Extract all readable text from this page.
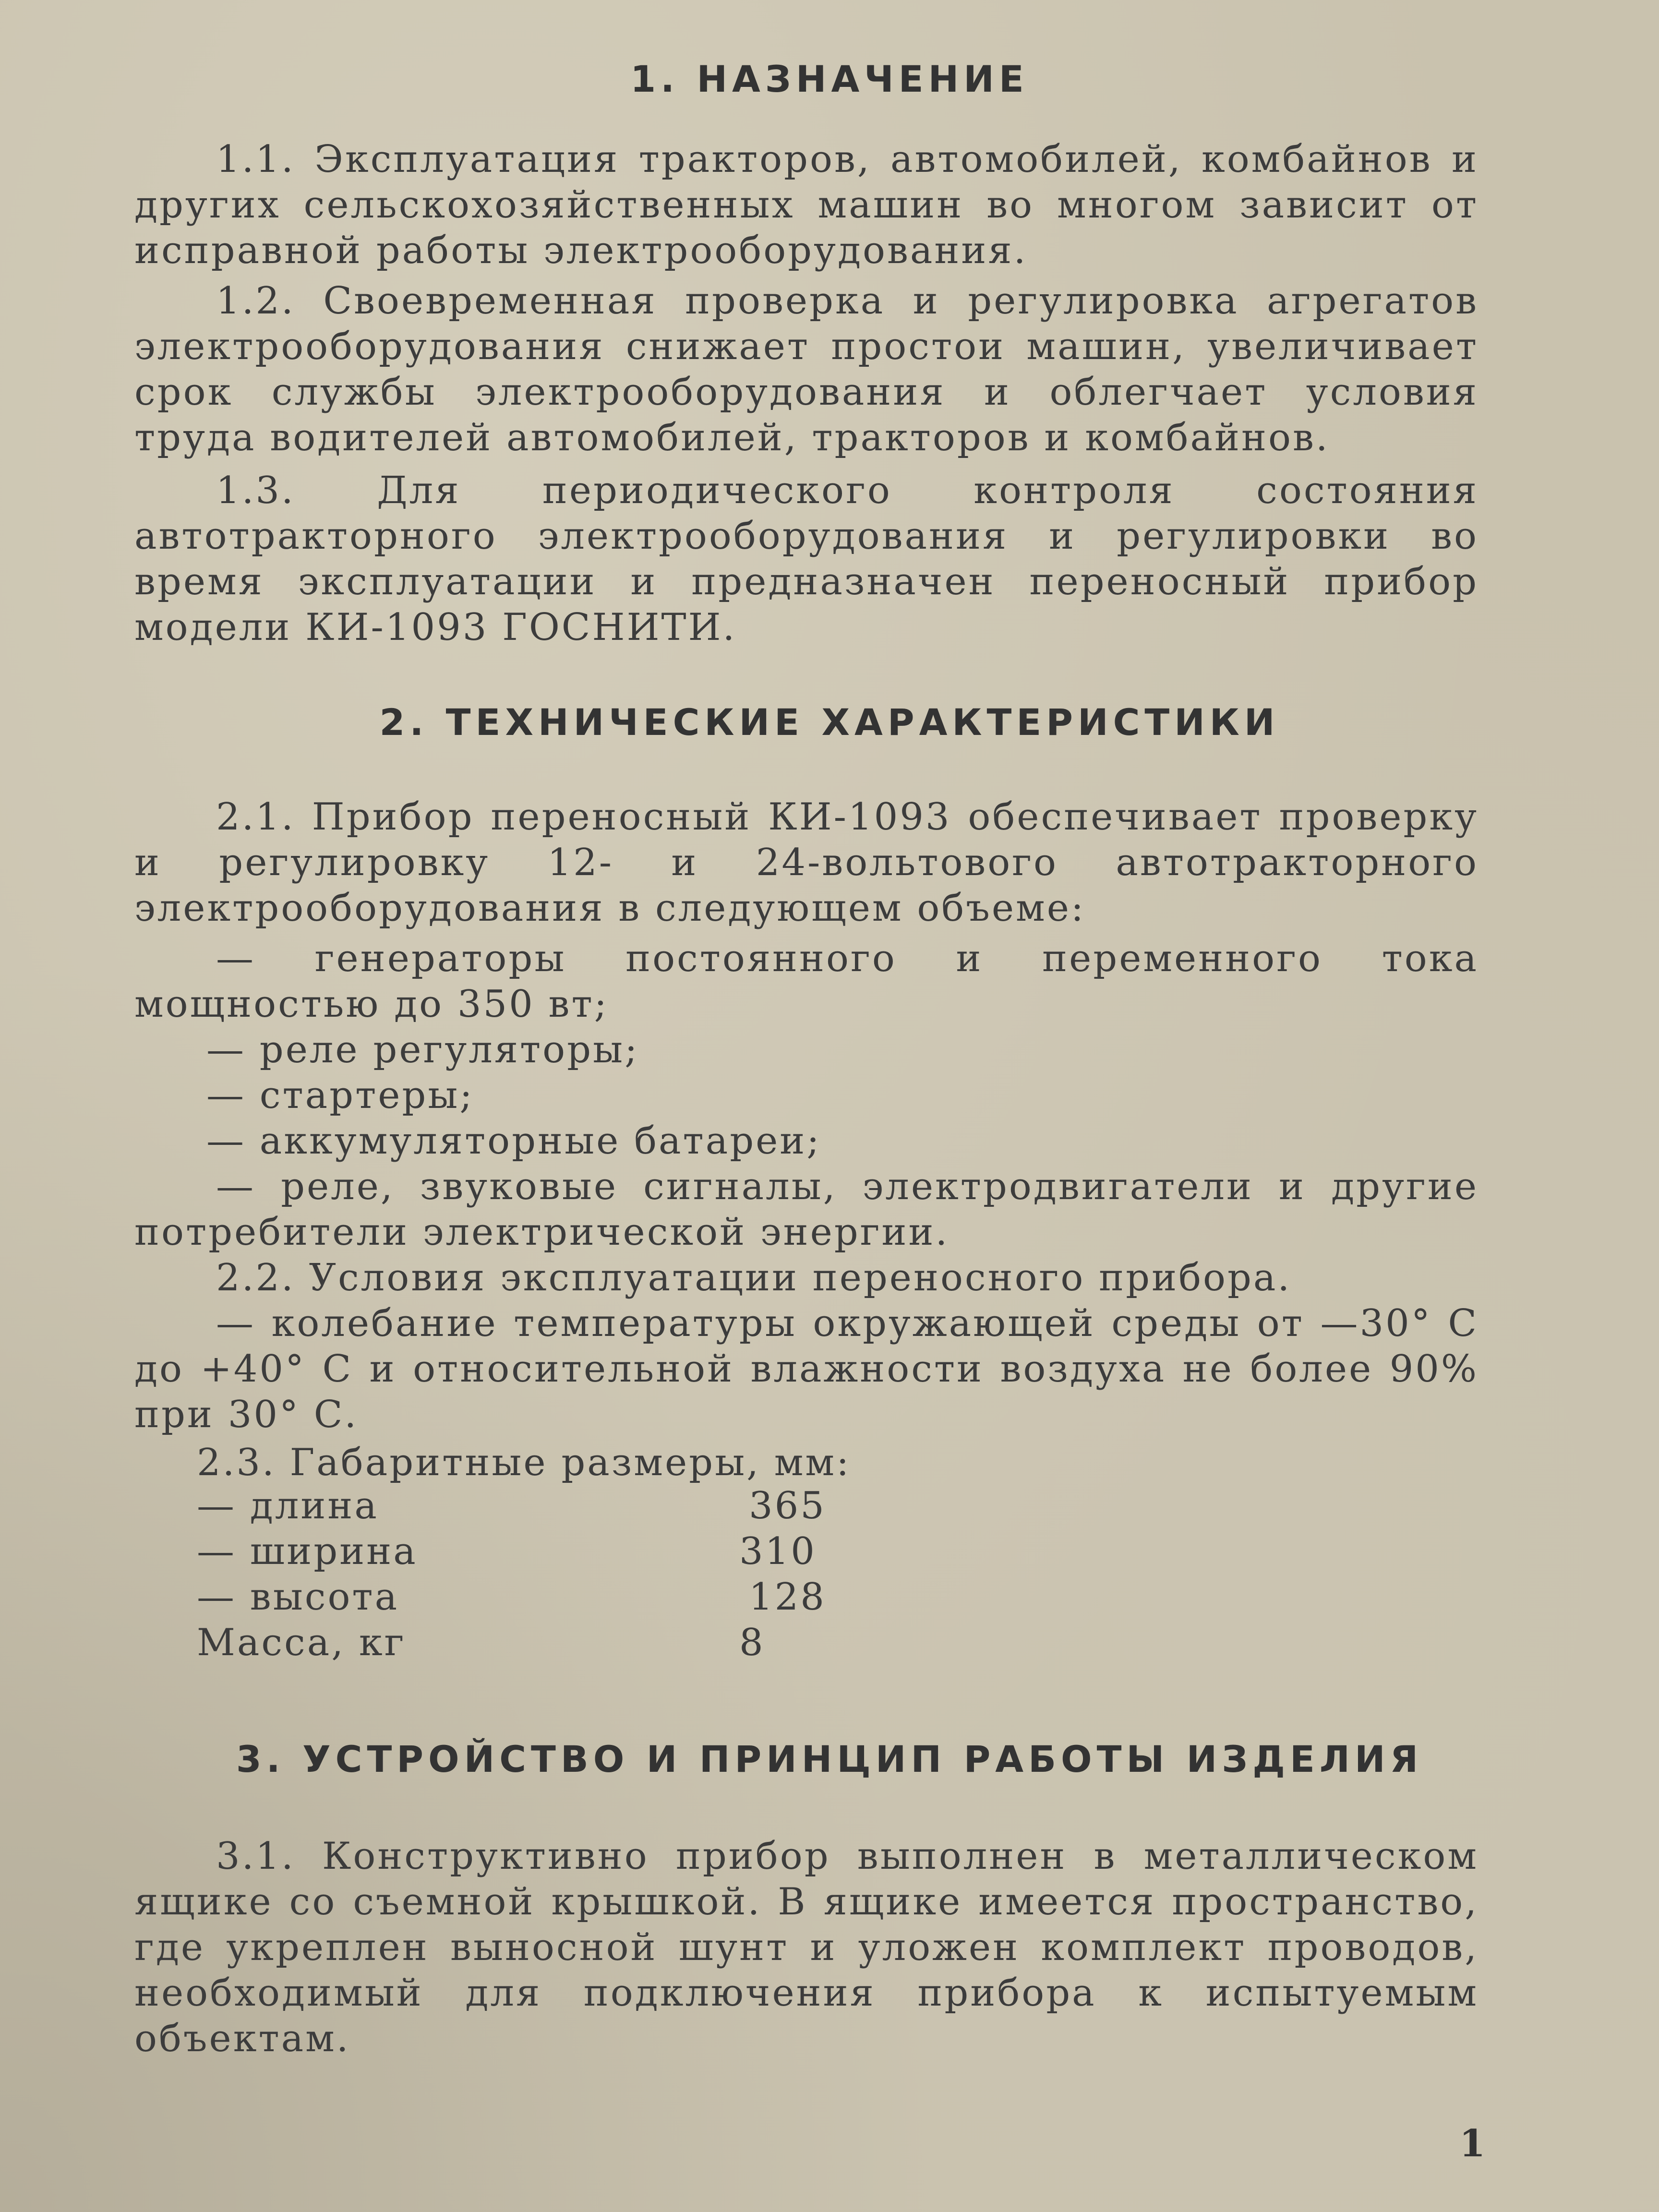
1. НАЗНАЧЕНИЕ

1.1. Эксплуатация тракторов, автомобилей, комбайнов и других сельскохозяйственных машин во многом зависит от исправной работы электрооборудования.

1.2. Своевременная проверка и регулировка агрегатов электрооборудования снижает простои машин, увеличивает срок службы электрооборудования и облегчает условия труда водителей автомобилей, тракторов и комбайнов.

1.3. Для периодического контроля состояния автотракторного электрооборудования и регулировки во время эксплуатации и предназначен переносный прибор модели КИ-1093 ГОСНИТИ.

2. ТЕХНИЧЕСКИЕ ХАРАКТЕРИСТИКИ

2.1. Прибор переносный КИ-1093 обеспечивает проверку и регулировку 12- и 24-вольтового автотракторного электрооборудования в следующем объеме:

— генераторы постоянного и переменного тока мощностью до 350 вт;

— реле регуляторы;

— стартеры;

— аккумуляторные батареи;

— реле, звуковые сигналы, электродвигатели и другие потребители электрической энергии.

2.2. Условия эксплуатации переносного прибора.

— колебание температуры окружающей среды от —30° С до +40° С и относительной влажности воздуха не более 90% при 30° С.

2.3. Габаритные размеры, мм:

— длина	365

— ширина	310

— высота	128

Масса, кг	8

3. УСТРОЙСТВО И ПРИНЦИП РАБОТЫ ИЗДЕЛИЯ

3.1. Конструктивно прибор выполнен в металлическом ящике со съемной крышкой. В ящике имеется пространство, где укреплен выносной шунт и уложен комплект проводов, необходимый для подключения прибора к испытуемым объектам.

1
